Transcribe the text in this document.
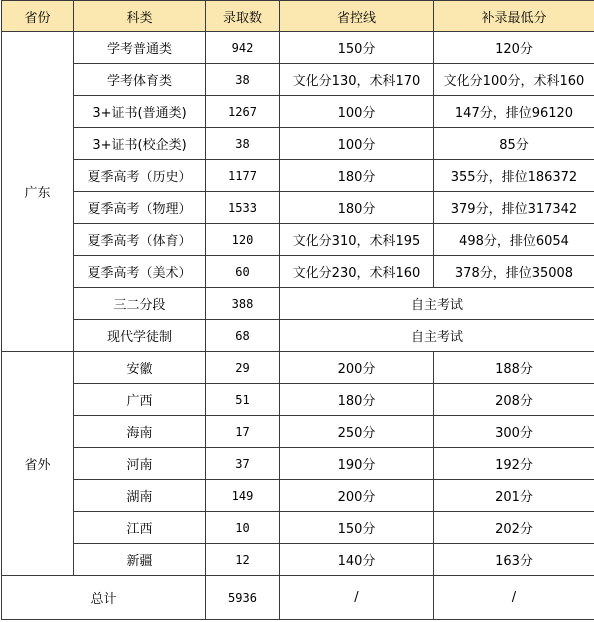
省份	科类	录取数	省控线	补录最低分
广东	学考普通类	942	150分	120分
	学考体育类	38	文化分130，术科170	文化分100分，术科160
	3+证书(普通类)	1267	100分	147分，排位96120
	3+证书(校企类)	38	100分	85分
	夏季高考（历史）	1177	180分	355分，排位186372
	夏季高考（物理）	1533	180分	379分，排位317342
	夏季高考（体育）	120	文化分310，术科195	498分，排位6054
	夏季高考（美术）	60	文化分230，术科160	378分，排位35008
	三二分段	388	自主考试	
	现代学徒制	68	自主考试	
省外	安徽	29	200分	188分
	广西	51	180分	208分
	海南	17	250分	300分
	河南	37	190分	192分
	湖南	149	200分	201分
	江西	10	150分	202分
	新疆	12	140分	163分
总计		5936	/	/
